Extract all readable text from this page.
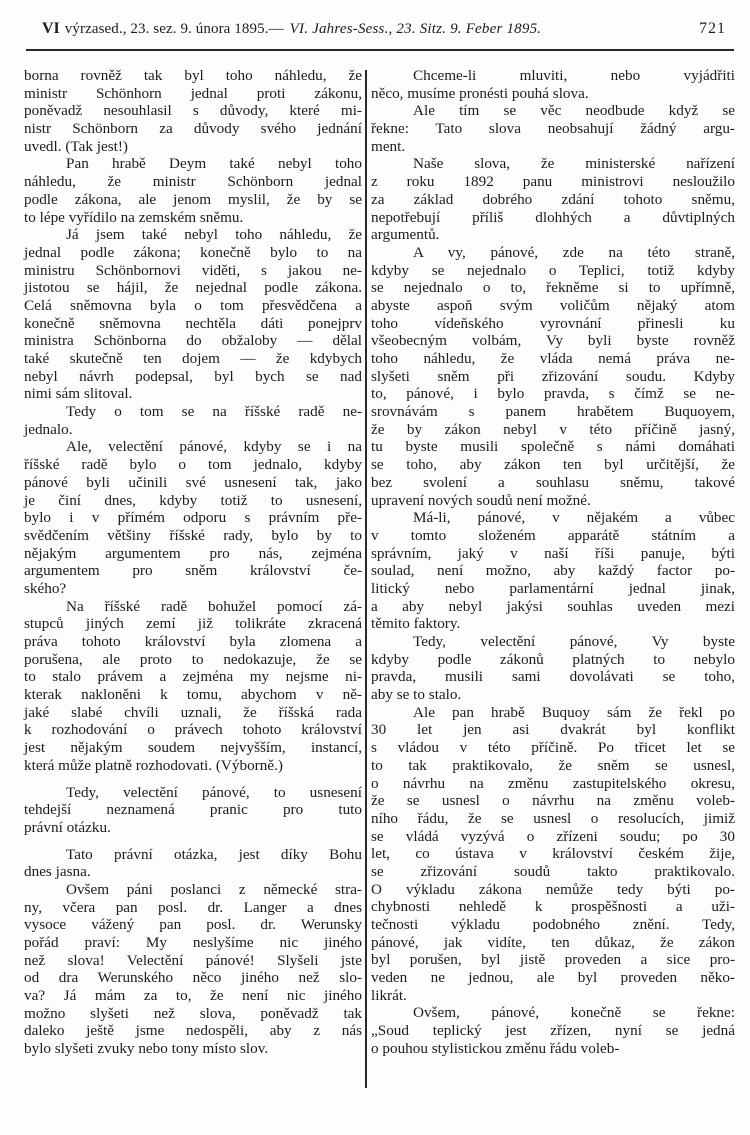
VI výrzased., 23. sez. 9. února 1895.— VI. Jahres-Sess., 23. Sitz. 9. Feber 1895.	721
borna rovněž tak byl toho náhledu, že
ministr Schönhorn jednal proti zákonu,
poněvadž nesouhlasil s důvody, které mi-
nistr Schönborn za důvody svého jednání
uvedl. (Tak jest!)
Pan hrabě Deym také nebyl toho
náhledu, že ministr Schönborn jednal
podle zákona, ale jenom myslil, že by se
to lépe vyřídilo na zemském sněmu.
Já jsem také nebyl toho náhledu, že
jednal podle zákona; konečně bylo to na
ministru Schönbornovi viděti, s jakou ne-
jistotou se hájil, že nejednal podle zákona.
Celá sněmovna byla o tom přesvědčena a
konečně sněmovna nechtěla dáti ponejprv
ministra Schönborna do obžaloby — dělal
také skutečně ten dojem — že kdybych
nebyl návrh podepsal, byl bych se nad
nimi sám slitoval.
Tedy o tom se na říšské radě ne-
jednalo.
Ale, velectění pánové, kdyby se i na
říšské radě bylo o tom jednalo, kdyby
pánové byli učinili své usnesení tak, jako
je činí dnes, kdyby totiž to usnesení,
bylo i v přímém odporu s právním pře-
svědčením většiny říšské rady, bylo by to
nějakým argumentem pro nás, zejména
argumentem pro sněm království če-
ského?
Na říšské radě bohužel pomocí zá-
stupců jiných zemí již tolikráte zkracená
práva tohoto království byla zlomena a
porušena, ale proto to nedokazuje, že se
to stalo právem a zejména my nejsme ni-
kterak nakloněni k tomu, abychom v ně-
jaké slabé chvíli uznali, že říšská rada
k rozhodování o právech tohoto království
jest nějakým soudem nejvyšším, instancí,
která může platně rozhodovati. (Výborně.)
Tedy, velectění pánové, to usnesení
tehdejší neznamená pranic pro tuto
právní otázku.
Tato právní otázka, jest díky Bohu
dnes jasna.
Ovšem páni poslanci z německé stra-
ny, včera pan posl. dr. Langer a dnes
vysoce vážený pan posl. dr. Werunsky
pořád praví: My neslyšíme nic jiného
než slova! Velectění pánové! Slyšeli jste
od dra Werunského něco jiného než slo-
va? Já mám za to, že není nic jiného
možno slyšeti než slova, poněvadž tak
daleko ještě jsme nedospěli, aby z nás
bylo slyšeti zvuky nebo tony místo slov.
Chceme-li mluviti, nebo vyjádřiti
něco, musíme pronésti pouhá slova.
Ale tím se věc neodbude když se
řekne: Tato slova neobsahují žádný argu-
ment.
Naše slova, že ministerské nařízení
z roku 1892 panu ministrovi nesloužilo
za základ dobrého zdání tohoto sněmu,
nepotřebují příliš dlohhých a důvtiplných
argumentů.
A vy, pánové, zde na této straně,
kdyby se nejednalo o Teplici, totiž kdyby
se nejednalo o to, řekněme si to upřímně,
abyste aspoň svým voličům nějaký atom
toho vídeňského vyrovnání přinesli ku
všeobecným volbám, Vy byli byste rovněž
toho náhledu, že vláda nemá práva ne-
slyšeti sněm při zřizování soudu. Kdyby
to, pánové, i bylo pravda, s čímž se ne-
srovnávám s panem hrabětem Buquoyem,
že by zákon nebyl v této příčině jasný,
tu byste musili společně s námi domáhati
se toho, aby zákon ten byl určitější, že
bez svolení a souhlasu sněmu, takové
upravení nových soudů není možné.
Má-li, pánové, v nějakém a vůbec
v tomto složeném apparátě státním a
správním, jaký v naší říši panuje, býti
soulad, není možno, aby každý factor po-
litický nebo parlamentární jednal jinak,
a aby nebyl jakýsi souhlas uveden mezi
těmito faktory.
Tedy, velectění pánové, Vy byste
kdyby podle zákonů platných to nebylo
pravda, musili sami dovolávati se toho,
aby se to stalo.
Ale pan hrabě Buquoy sám že řekl po
30 let jen asi dvakrát byl konflikt
s vládou v této příčině. Po třicet let se
to tak praktikovalo, že sněm se usnesl,
o návrhu na změnu zastupitelského okresu,
že se usnesl o návrhu na změnu voleb-
ního řádu, že se usnesl o resolucích, jimiž
se vládá vyzývá o zřízeni soudu; po 30
let, co ústava v království českém žije,
se zřizování soudů takto praktikovalo.
O výkladu zákona nemůže tedy býti po-
chybnosti nehledě k prospěšnosti a uži-
tečnosti výkladu podobného znění. Tedy,
pánové, jak vidíte, ten důkaz, že zákon
byl porušen, byl jistě proveden a sice pro-
veden ne jednou, ale byl proveden něko-
likrát.
Ovšem, pánové, konečně se řekne:
„Soud teplický jest zřízen, nyní se jedná
o pouhou stylistickou změnu řádu voleb-
